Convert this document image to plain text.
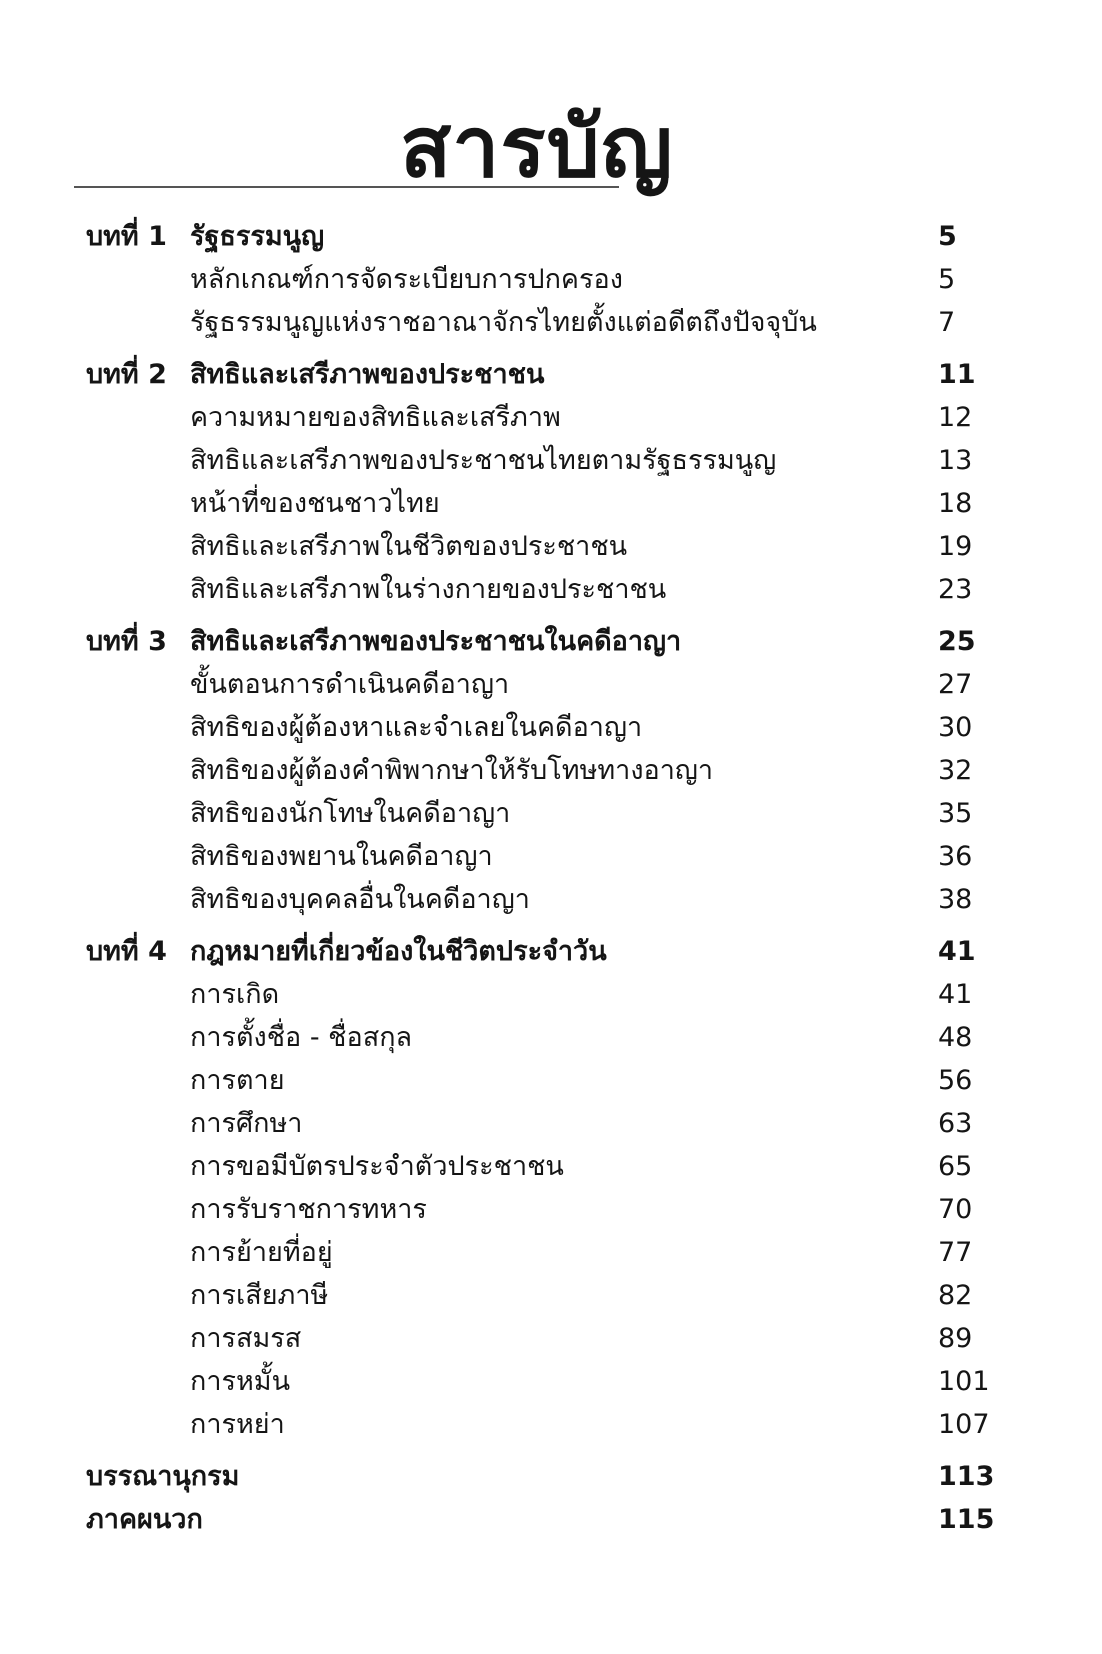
สารบัญ
บทที่ 1 รัฐธรรมนูญ	5
หลักเกณฑ์การจัดระเบียบการปกครอง	5
รัฐธรรมนูญแห่งราชอาณาจักรไทยตั้งแต่อดีตถึงปัจจุบัน	7
บทที่ 2 สิทธิและเสรีภาพของประชาชน	11
ความหมายของสิทธิและเสรีภาพ	12
สิทธิและเสรีภาพของประชาชนไทยตามรัฐธรรมนูญ	13
หน้าที่ของชนชาวไทย	18
สิทธิและเสรีภาพในชีวิตของประชาชน	19
สิทธิและเสรีภาพในร่างกายของประชาชน	23
บทที่ 3 สิทธิและเสรีภาพของประชาชนในคดีอาญา	25
ขั้นตอนการดำเนินคดีอาญา	27
สิทธิของผู้ต้องหาและจำเลยในคดีอาญา	30
สิทธิของผู้ต้องคำพิพากษาให้รับโทษทางอาญา	32
สิทธิของนักโทษในคดีอาญา	35
สิทธิของพยานในคดีอาญา	36
สิทธิของบุคคลอื่นในคดีอาญา	38
บทที่ 4 กฎหมายที่เกี่ยวข้องในชีวิตประจำวัน	41
การเกิด	41
การตั้งชื่อ - ชื่อสกุล	48
การตาย	56
การศึกษา	63
การขอมีบัตรประจำตัวประชาชน	65
การรับราชการทหาร	70
การย้ายที่อยู่	77
การเสียภาษี	82
การสมรส	89
การหมั้น	101
การหย่า	107
บรรณานุกรม	113
ภาคผนวก	115
